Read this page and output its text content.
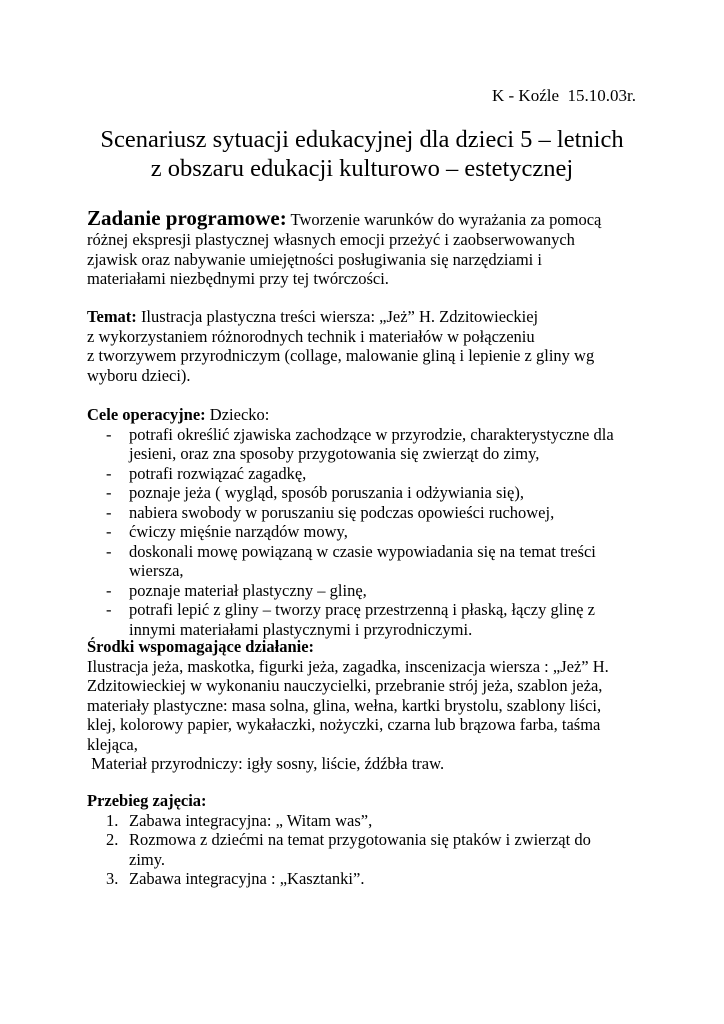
K - Koźle  15.10.03r.
Scenariusz sytuacji edukacyjnej dla dzieci 5 – letnich
z obszaru edukacji kulturowo – estetycznej
Zadanie programowe: Tworzenie warunków do wyrażania za pomocą
różnej ekspresji plastycznej własnych emocji przeżyć i zaobserwowanych
zjawisk oraz nabywanie umiejętności posługiwania się narzędziami i
materiałami niezbędnymi przy tej twórczości.
Temat: Ilustracja plastyczna treści wiersza: „Jeż” H. Zdzitowieckiej
z wykorzystaniem różnorodnych technik i materiałów w połączeniu
z tworzywem przyrodniczym (collage, malowanie gliną i lepienie z gliny wg
wyboru dzieci).
Cele operacyjne: Dziecko:
- potrafi określić zjawiska zachodzące w przyrodzie, charakterystyczne dla
jesieni, oraz zna sposoby przygotowania się zwierząt do zimy,
- potrafi rozwiązać zagadkę,
- poznaje jeża ( wygląd, sposób poruszania i odżywiania się),
- nabiera swobody w poruszaniu się podczas opowieści ruchowej,
- ćwiczy mięśnie narządów mowy,
- doskonali mowę powiązaną w czasie wypowiadania się na temat treści
wiersza,
- poznaje materiał plastyczny – glinę,
- potrafi lepić z gliny – tworzy pracę przestrzenną i płaską, łączy glinę z
innymi materiałami plastycznymi i przyrodniczymi.
Środki wspomagające działanie:
Ilustracja jeża, maskotka, figurki jeża, zagadka, inscenizacja wiersza : „Jeż” H.
Zdzitowieckiej w wykonaniu nauczycielki, przebranie strój jeża, szablon jeża,
materiały plastyczne: masa solna, glina, wełna, kartki brystolu, szablony liści,
klej, kolorowy papier, wykałaczki, nożyczki, czarna lub brązowa farba, taśma
klejąca,
Materiał przyrodniczy: igły sosny, liście, źdźbła traw.
Przebieg zajęcia:
1. Zabawa integracyjna: „ Witam was”,
2. Rozmowa z dziećmi na temat przygotowania się ptaków i zwierząt do
zimy.
3. Zabawa integracyjna : „Kasztanki”.
